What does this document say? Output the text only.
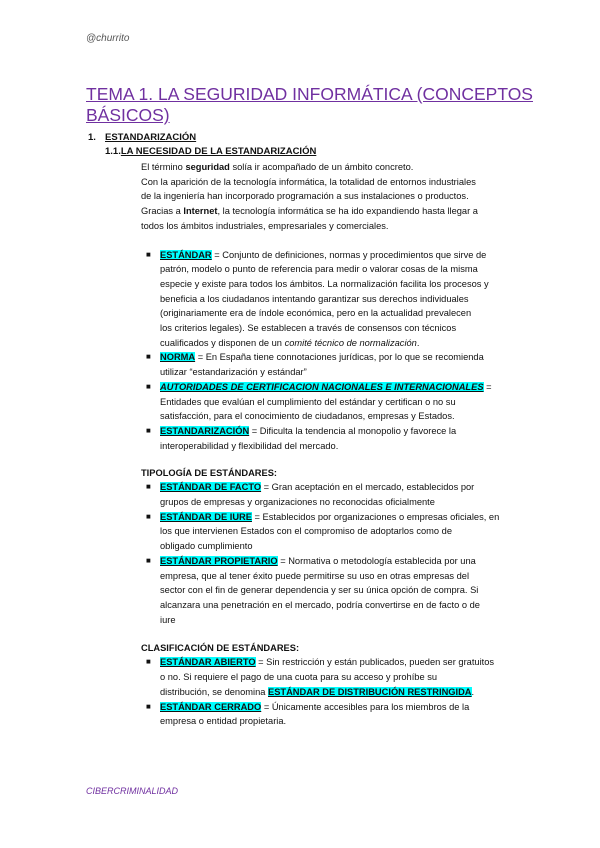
@churrito
TEMA 1. LA SEGURIDAD INFORMÁTICA (CONCEPTOS
BÁSICOS)
1. ESTANDARIZACIÓN
1.1.LA NECESIDAD DE LA ESTANDARIZACIÓN
El término seguridad solía ir acompañado de un ámbito concreto.
Con la aparición de la tecnología informática, la totalidad de entornos industriales
de la ingeniería han incorporado programación a sus instalaciones o productos.
Gracias a Internet, la tecnología informática se ha ido expandiendo hasta llegar a
todos los ámbitos industriales, empresariales y comerciales.
■ ESTÁNDAR = Conjunto de definiciones, normas y procedimientos que sirve de
patrón, modelo o punto de referencia para medir o valorar cosas de la misma
especie y existe para todos los ámbitos. La normalización facilita los procesos y
beneficia a los ciudadanos intentando garantizar sus derechos individuales
(originariamente era de índole económica, pero en la actualidad prevalecen
los criterios legales). Se establecen a través de consensos con técnicos
cualificados y disponen de un comité técnico de normalización.
■ NORMA = En España tiene connotaciones jurídicas, por lo que se recomienda
utilizar “estandarización y estándar”
■ AUTORIDADES DE CERTIFICACION NACIONALES E INTERNACIONALES =
Entidades que evalúan el cumplimiento del estándar y certifican o no su
satisfacción, para el conocimiento de ciudadanos, empresas y Estados.
■ ESTANDARIZACIÓN = Dificulta la tendencia al monopolio y favorece la
interoperabilidad y flexibilidad del mercado.
TIPOLOGÍA DE ESTÁNDARES:
■ ESTÁNDAR DE FACTO = Gran aceptación en el mercado, establecidos por
grupos de empresas y organizaciones no reconocidas oficialmente
■ ESTÁNDAR DE IURE = Establecidos por organizaciones o empresas oficiales, en
los que intervienen Estados con el compromiso de adoptarlos como de
obligado cumplimiento
■ ESTÁNDAR PROPIETARIO = Normativa o metodología establecida por una
empresa, que al tener éxito puede permitirse su uso en otras empresas del
sector con el fin de generar dependencia y ser su única opción de compra. Si
alcanzara una penetración en el mercado, podría convertirse en de facto o de
iure
CLASIFICACIÓN DE ESTÁNDARES:
■ ESTÁNDAR ABIERTO = Sin restricción y están publicados, pueden ser gratuitos
o no. Si requiere el pago de una cuota para su acceso y prohíbe su
distribución, se denomina ESTÁNDAR DE DISTRIBUCIÓN RESTRINGIDA.
■ ESTÁNDAR CERRADO = Únicamente accesibles para los miembros de la
empresa o entidad propietaria.
CIBERCRIMINALIDAD
